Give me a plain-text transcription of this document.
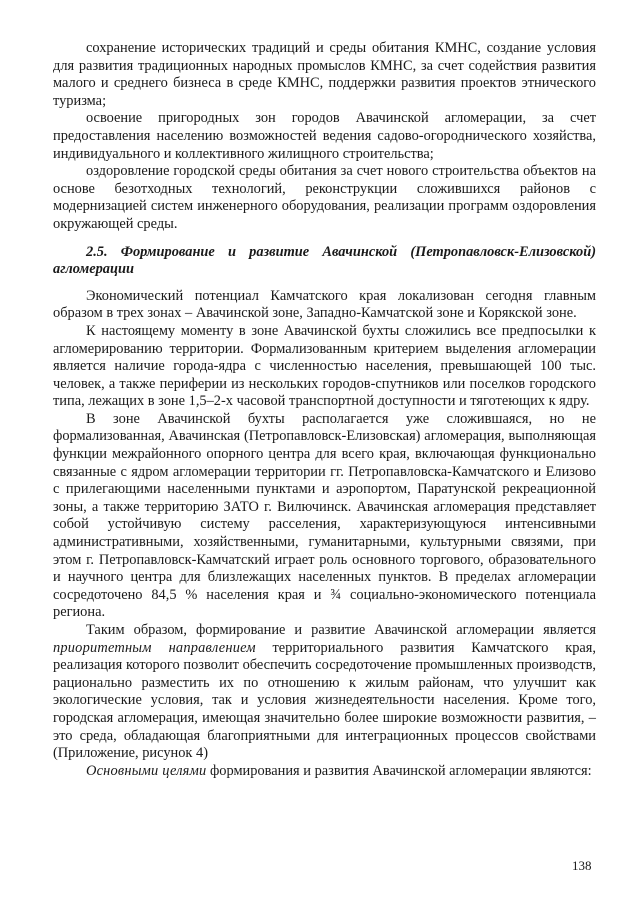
сохранение исторических традиций и среды обитания КМНС, создание условия для развития традиционных народных промыслов КМНС, за счет содействия развития малого и среднего бизнеса в среде КМНС, поддержки развития проектов этнического туризма;

освоение пригородных зон городов Авачинской агломерации, за счет предоставления населению возможностей ведения садово-огороднического хозяйства, индивидуального и коллективного жилищного строительства;

оздоровление городской среды обитания за счет нового строительства объектов на основе безотходных технологий, реконструкции сложившихся районов с модернизацией систем инженерного оборудования, реализации программ оздоровления окружающей среды.

2.5. Формирование и развитие Авачинской (Петропавловск-Елизовской) агломерации

Экономический потенциал Камчатского края локализован сегодня главным образом в трех зонах – Авачинской зоне, Западно-Камчатской зоне и Корякской зоне.

К настоящему моменту в зоне Авачинской бухты сложились все предпосылки к агломерированию территории. Формализованным критерием выделения агломерации является наличие города-ядра с численностью населения, превышающей 100 тыс. человек, а также периферии из нескольких городов-спутников или поселков городского типа, лежащих в зоне 1,5–2-х часовой транспортной доступности и тяготеющих к ядру.

В зоне Авачинской бухты располагается уже сложившаяся, но не формализованная, Авачинская (Петропавловск-Елизовская) агломерация, выполняющая функции межрайонного опорного центра для всего края, включающая функционально связанные с ядром агломерации территории гг. Петропавловска-Камчатского и Елизово с прилегающими населенными пунктами и аэропортом, Паратунской рекреационной зоны, а также территорию ЗАТО г. Вилючинск. Авачинская агломерация представляет собой устойчивую систему расселения, характеризующуюся интенсивными административными, хозяйственными, гуманитарными, культурными связями, при этом г. Петропавловск-Камчатский играет роль основного торгового, образовательного и научного центра для близлежащих населенных пунктов. В пределах агломерации сосредоточено 84,5 % населения края и ¾ социально-экономического потенциала региона.

Таким образом, формирование и развитие Авачинской агломерации является приоритетным направлением территориального развития Камчатского края, реализация которого позволит обеспечить сосредоточение промышленных производств, рационально разместить их по отношению к жилым районам, что улучшит как экологические условия, так и условия жизнедеятельности населения. Кроме того, городская агломерация, имеющая значительно более широкие возможности развития, – это среда, обладающая благоприятными для интеграционных процессов свойствами (Приложение, рисунок 4)

Основными целями формирования и развития Авачинской агломерации являются:

138
